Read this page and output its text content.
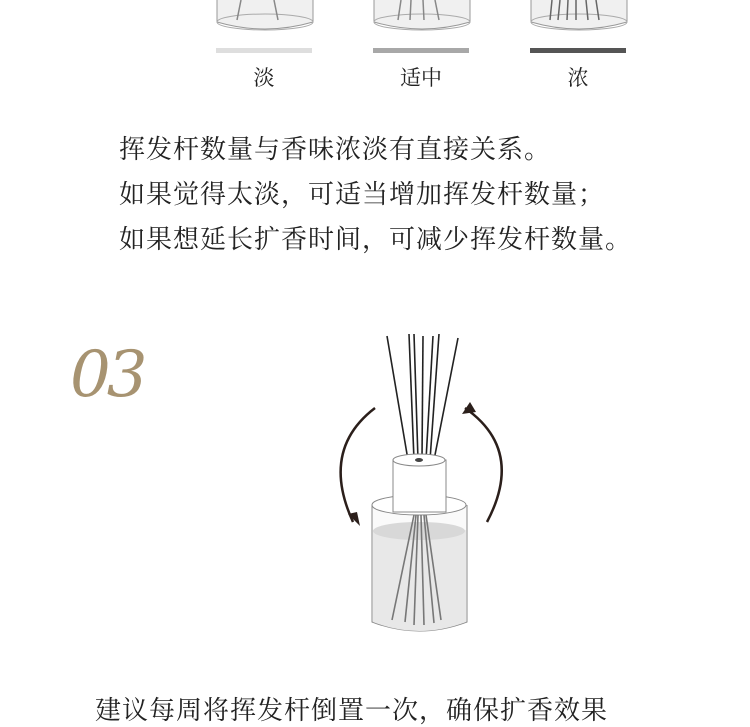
淡	适中	浓
挥发杆数量与香味浓淡有直接关系。
如果觉得太淡，可适当增加挥发杆数量；
如果想延长扩香时间，可减少挥发杆数量。
03
建议每周将挥发杆倒置一次，确保扩香效果
